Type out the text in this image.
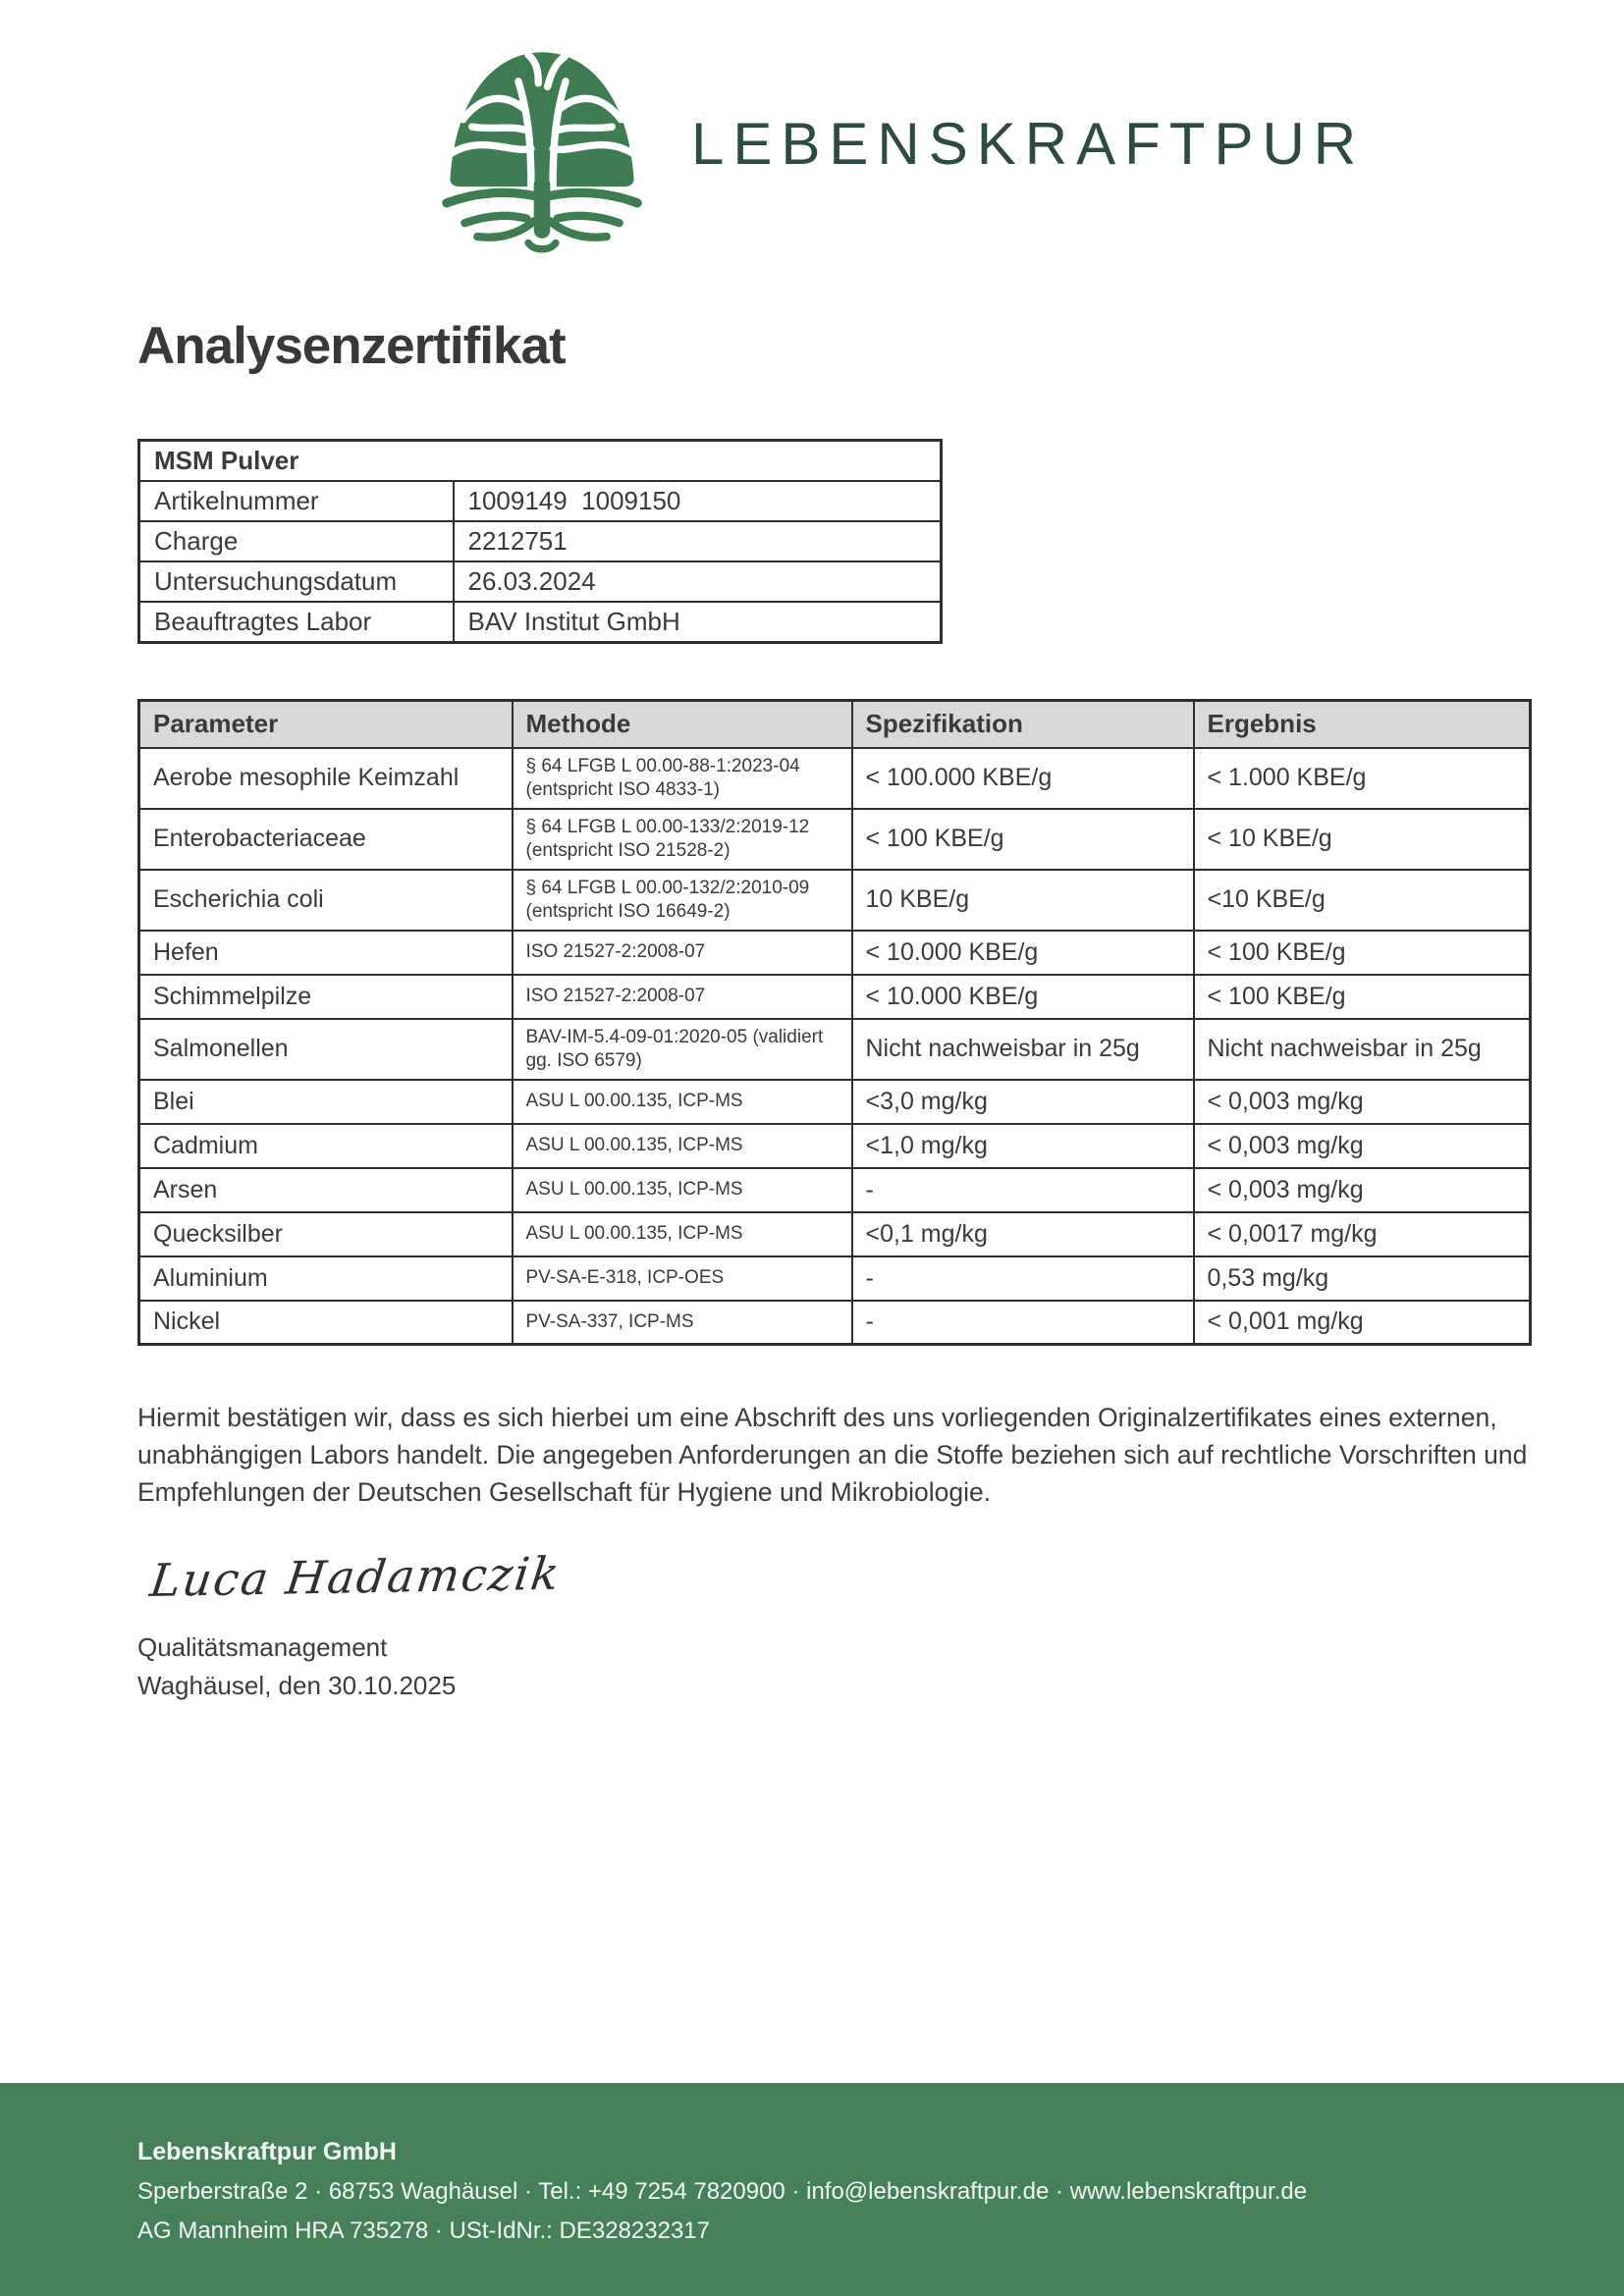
LEBENSKRAFTPUR
Analysenzertifikat
MSM Pulver	
Artikelnummer	1009149  1009150
Charge	2212751
Untersuchungsdatum	26.03.2024
Beauftragtes Labor	BAV Institut GmbH
Parameter	Methode	Spezifikation	Ergebnis
Aerobe mesophile Keimzahl	§ 64 LFGB L 00.00-88-1:2023-04 (entspricht ISO 4833-1)	< 100.000 KBE/g	< 1.000 KBE/g
Enterobacteriaceae	§ 64 LFGB L 00.00-133/2:2019-12 (entspricht ISO 21528-2)	< 100 KBE/g	< 10 KBE/g
Escherichia coli	§ 64 LFGB L 00.00-132/2:2010-09 (entspricht ISO 16649-2)	10 KBE/g	<10 KBE/g
Hefen	ISO 21527-2:2008-07	< 10.000 KBE/g	< 100 KBE/g
Schimmelpilze	ISO 21527-2:2008-07	< 10.000 KBE/g	< 100 KBE/g
Salmonellen	BAV-IM-5.4-09-01:2020-05 (validiert gg. ISO 6579)	Nicht nachweisbar in 25g	Nicht nachweisbar in 25g
Blei	ASU L 00.00.135, ICP-MS	<3,0 mg/kg	< 0,003 mg/kg
Cadmium	ASU L 00.00.135, ICP-MS	<1,0 mg/kg	< 0,003 mg/kg
Arsen	ASU L 00.00.135, ICP-MS	-	< 0,003 mg/kg
Quecksilber	ASU L 00.00.135, ICP-MS	<0,1 mg/kg	< 0,0017 mg/kg
Aluminium	PV-SA-E-318, ICP-OES	-	0,53 mg/kg
Nickel	PV-SA-337, ICP-MS	-	< 0,001 mg/kg

Hiermit bestätigen wir, dass es sich hierbei um eine Abschrift des uns vorliegenden Originalzertifikates eines externen, unabhängigen Labors handelt. Die angegeben Anforderungen an die Stoffe beziehen sich auf rechtliche Vorschriften und Empfehlungen der Deutschen Gesellschaft für Hygiene und Mikrobiologie.

Luca Hadamczik
Qualitätsmanagement
Waghäusel, den 30.10.2025
Lebenskraftpur GmbH
Sperberstraße 2 · 68753 Waghäusel · Tel.: +49 7254 7820900 · info@lebenskraftpur.de · www.lebenskraftpur.de
AG Mannheim HRA 735278 · USt-IdNr.: DE328232317
